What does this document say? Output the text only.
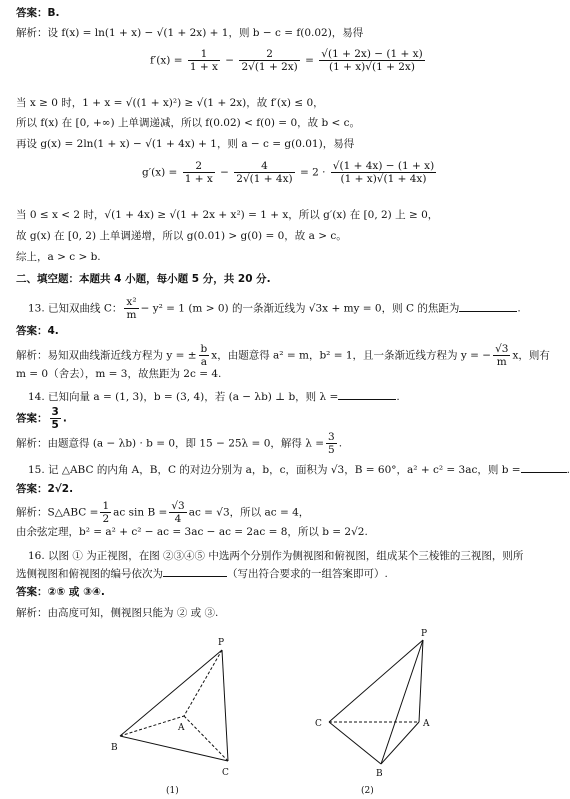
答案：B.
解析：设 f(x) = ln(1 + x) − √(1 + 2x) + 1，则 b − c = f(0.02)，易得
$f'(x) = \frac{1}{1 + x} - \frac{2}{2√(1 + 2x)} = \frac{√(1 + 2x) - (1 + x)}{(1 + x)√(1 + 2x)}$
当 x ≥ 0 时，1 + x = √((1 + x)²) ≥ √(1 + 2x)，故 f′(x) ≤ 0，
所以 f(x) 在 [0, +∞) 上单调递减，所以 f(0.02) < f(0) = 0，故 b < c。
再设 g(x) = 2ln(1 + x) − √(1 + 4x) + 1，则 a − c = g(0.01)，易得
$g'(x) = \frac{2}{1 + x} - \frac{4}{2√(1 + 4x)} = 2 \cdot \frac{√(1 + 4x) - (1 + x)}{(1 + x)√(1 + 4x)}$
当 0 ≤ x < 2 时，√(1 + 4x) ≥ √(1 + 2x + x²) = 1 + x，所以 g′(x) 在 [0, 2) 上 ≥ 0，
故 g(x) 在 [0, 2) 上单调递增，所以 g(0.01) > g(0) = 0，故 a > c。
综上，a > c > b.
二、填空题：本题共 4 小题，每小题 5 分，共 20 分.
13. 已知双曲线 C： $\frac{\text{x²}}{m} - y^2 = 1$ (m > 0) 的一条渐近线为 √3x + my = 0，则 C 的焦距为	.
答案：4.
解析：易知双曲线渐近线方程为 y = ± $\frac{b}{a}$ x，由题意得 a² = m，b² = 1，且一条渐近线方程为 y = − $\frac{√3}{m}$ x，则有
m = 0（舍去），m = 3，故焦距为 2c = 4.
14. 已知向量 a = (1, 3)，b = (3, 4)，若 (a − λb) ⊥ b，则 λ =	.
答案： $\frac{3}{5}$ .
解析：由题意得 (a − λb) · b = 0，即 15 − 25λ = 0，解得 $\lambda = \frac{3}{5}$ .
15. 记 △ABC 的内角 A，B，C 的对边分别为 a，b，c，面积为 √3，B = 60°，a² + c² = 3ac，则 b =	.
答案：2√2.
解析：S△ABC = $\frac{1}{2}$ ac $\sin B = \frac{√3}{4}$ ac = √3，所以 ac = 4，
由余弦定理，b² = a² + c² − ac = 3ac − ac = 2ac = 8，所以 b = 2√2.
16. 以图 ① 为正视图，在图 ②③④⑤ 中选两个分别作为侧视图和俯视图，组成某个三棱锥的三视图，则所
选侧视图和俯视图的编号依次为	（写出符合要求的一组答案即可）.
答案：②⑤ 或 ③④.
解析：由高度可知，侧视图只能为 ② 或 ③.
P
A
B
C
(1)
P
A
B
C
(2)
